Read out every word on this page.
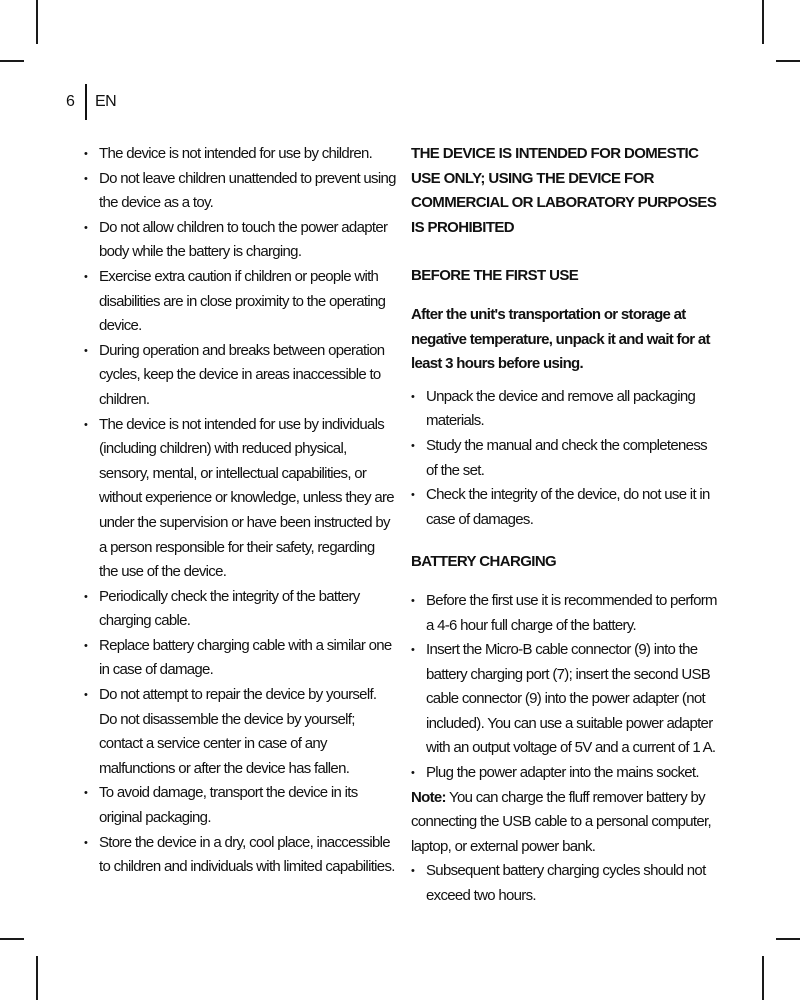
6 EN
• The device is not intended for use by children.
• Do not leave children unattended to prevent using the device as a toy.
• Do not allow children to touch the power adapter body while the battery is charging.
• Exercise extra caution if children or people with disabilities are in close proximity to the operating device.
• During operation and breaks between operation cycles, keep the device in areas inaccessible to children.
• The device is not intended for use by individuals (including children) with reduced physical, sensory, mental, or intellectual capabilities, or without experience or knowledge, unless they are under the supervision or have been instructed by a person responsible for their safety, regarding the use of the device.
• Periodically check the integrity of the battery charging cable.
• Replace battery charging cable with a similar one in case of damage.
• Do not attempt to repair the device by yourself. Do not disassemble the device by yourself; contact a service center in case of any malfunctions or after the device has fallen.
• To avoid damage, transport the device in its original packaging.
• Store the device in a dry, cool place, inaccessible to children and individuals with limited capabilities.

THE DEVICE IS INTENDED FOR DOMESTIC USE ONLY; USING THE DEVICE FOR COMMERCIAL OR LABORATORY PURPOSES IS PROHIBITED

BEFORE THE FIRST USE

After the unit's transportation or storage at negative temperature, unpack it and wait for at least 3 hours before using.

• Unpack the device and remove all packaging materials.
• Study the manual and check the completeness of the set.
• Check the integrity of the device, do not use it in case of damages.

BATTERY CHARGING

• Before the first use it is recommended to perform a 4-6 hour full charge of the battery.
• Insert the Micro-B cable connector (9) into the battery charging port (7); insert the second USB cable connector (9) into the power adapter (not included). You can use a suitable power adapter with an output voltage of 5V and a current of 1 A.
• Plug the power adapter into the mains socket.

Note: You can charge the fluff remover battery by connecting the USB cable to a personal computer, laptop, or external power bank.

• Subsequent battery charging cycles should not exceed two hours.
